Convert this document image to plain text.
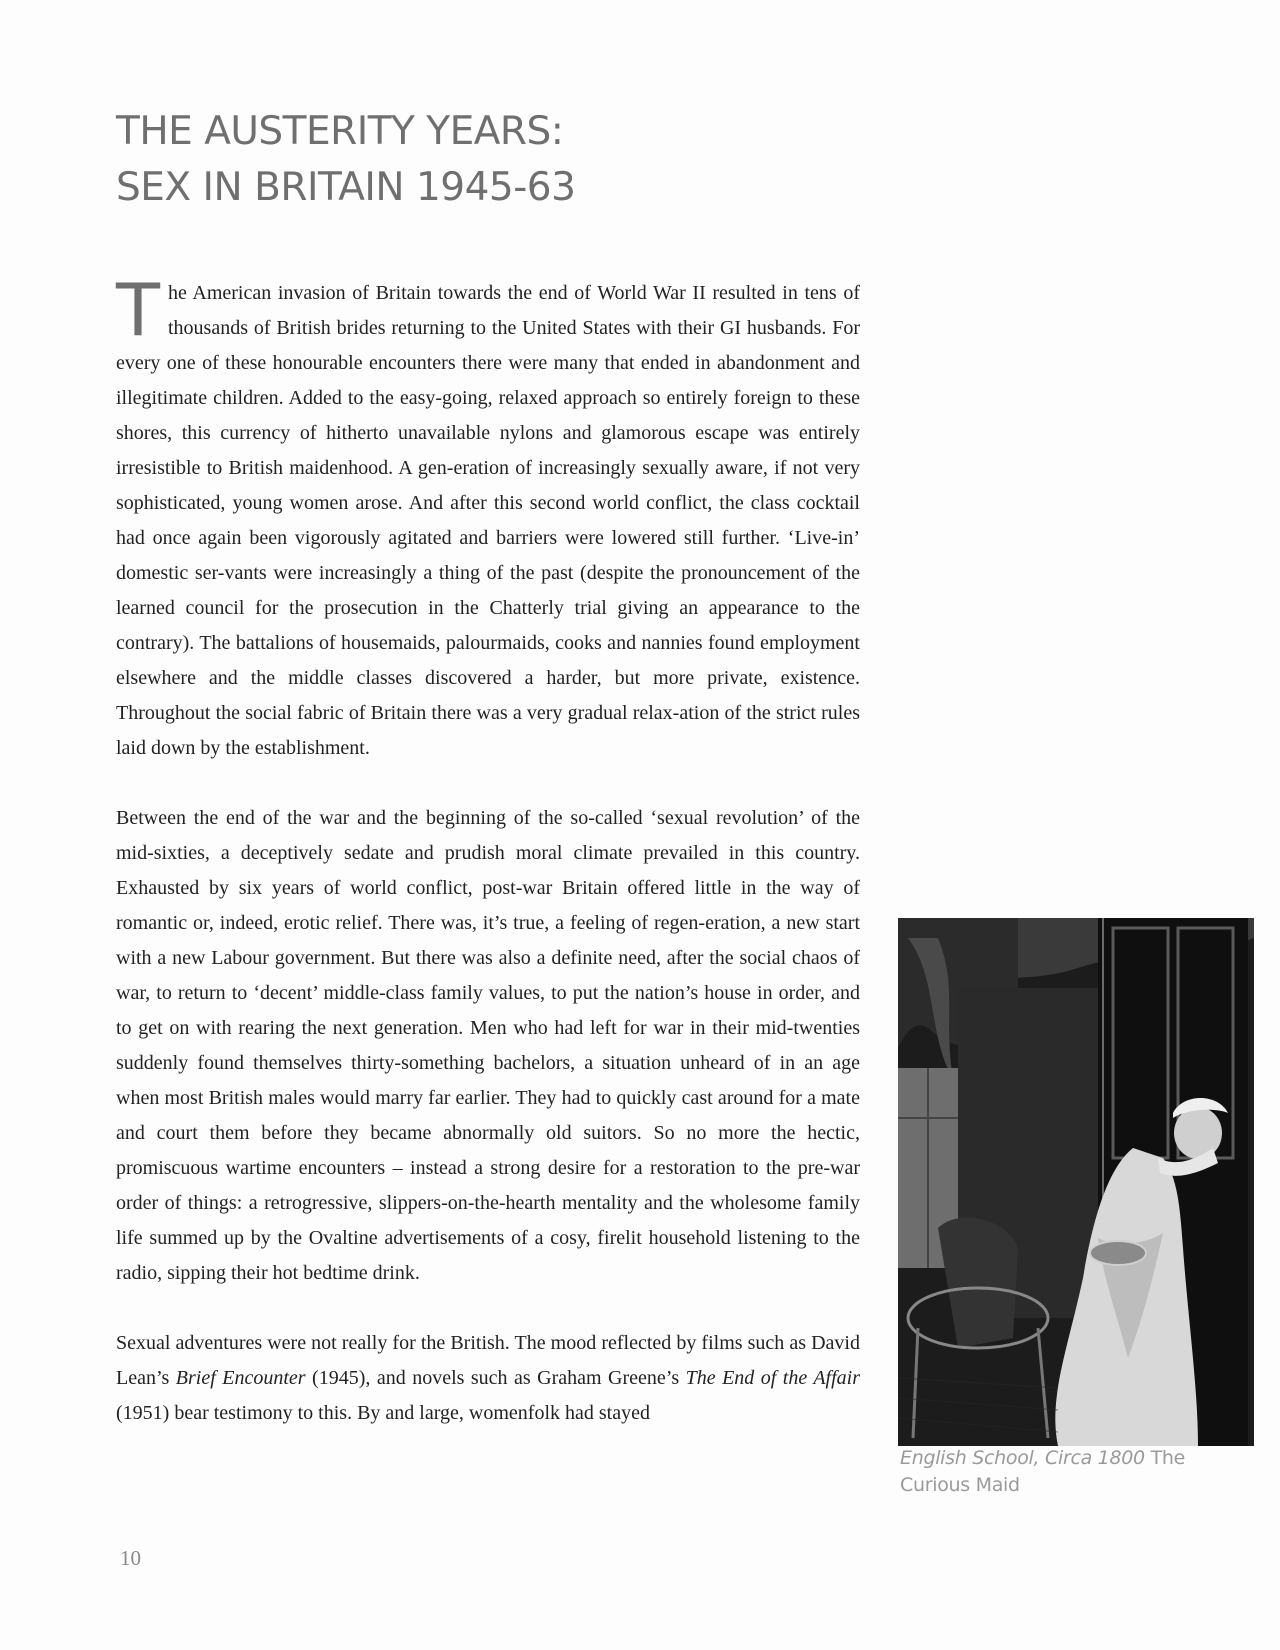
THE AUSTERITY YEARS:
SEX IN BRITAIN 1945-63

The American invasion of Britain towards the end of World War II resulted in tens of thousands of British brides returning to the United States with their GI husbands. For every one of these honourable encounters there were many that ended in abandonment and illegitimate children. Added to the easy-going, relaxed approach so entirely foreign to these shores, this currency of hitherto unavailable nylons and glamorous escape was entirely irresistible to British maidenhood. A gen-eration of increasingly sexually aware, if not very sophisticated, young women arose. And after this second world conflict, the class cocktail had once again been vigorously agitated and barriers were lowered still further. ‘Live-in’ domestic ser-vants were increasingly a thing of the past (despite the pronouncement of the learned council for the prosecution in the Chatterly trial giving an appearance to the contrary). The battalions of housemaids, palourmaids, cooks and nannies found employment elsewhere and the middle classes discovered a harder, but more private, existence. Throughout the social fabric of Britain there was a very gradual relax-ation of the strict rules laid down by the establishment.

Between the end of the war and the beginning of the so-called ‘sexual revolution’ of the mid-sixties, a deceptively sedate and prudish moral climate prevailed in this country. Exhausted by six years of world conflict, post-war Britain offered little in the way of romantic or, indeed, erotic relief. There was, it’s true, a feeling of regen-eration, a new start with a new Labour government. But there was also a definite need, after the social chaos of war, to return to ‘decent’ middle-class family values, to put the nation’s house in order, and to get on with rearing the next generation. Men who had left for war in their mid-twenties suddenly found themselves thirty-something bachelors, a situation unheard of in an age when most British males would marry far earlier. They had to quickly cast around for a mate and court them before they became abnormally old suitors. So no more the hectic, promiscuous wartime encounters – instead a strong desire for a restoration to the pre-war order of things: a retrogressive, slippers-on-the-hearth mentality and the wholesome family life summed up by the Ovaltine advertisements of a cosy, firelit household listening to the radio, sipping their hot bedtime drink.

Sexual adventures were not really for the British. The mood reflected by films such as David Lean’s Brief Encounter (1945), and novels such as Graham Greene’s The End of the Affair (1951) bear testimony to this. By and large, womenfolk had stayed

English School, Circa 1800 The Curious Maid
10
